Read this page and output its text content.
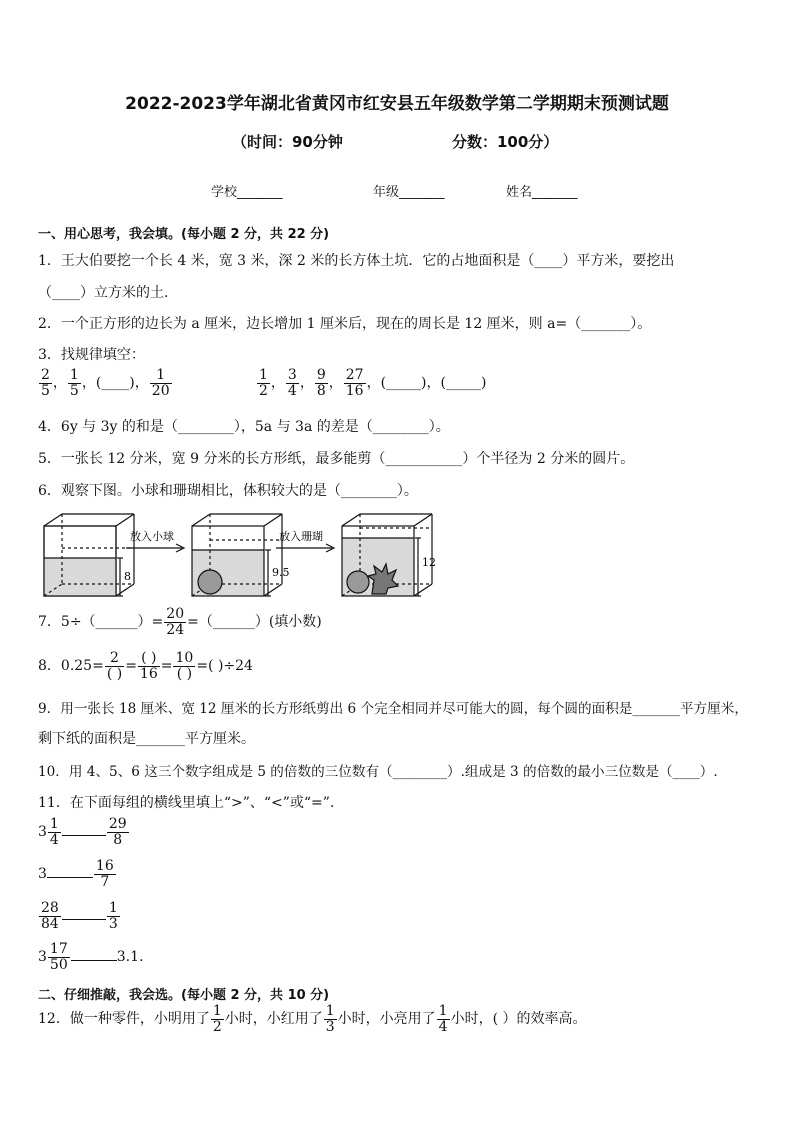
2022-2023学年湖北省黄冈市红安县五年级数学第二学期期末预测试题
（时间：90分钟	分数：100分）
学校_______	年级_______	姓名_______
一、用心思考，我会填。(每小题 2 分，共 22 分)
1．王大伯要挖一个长 4 米，宽 3 米，深 2 米的长方体土坑．它的占地面积是（____）平方米，要挖出
（____）立方米的土．
2．一个正方形的边长为 a 厘米，边长增加 1 厘米后，现在的周长是 12 厘米，则 a=（_______）。
3．找规律填空：
$\frac{2}{5}$ ， $\frac{1}{5}$ ，(____)， $\frac{1}{20}$	$\frac{1}{2}$ ， $\frac{3}{4}$ ， $\frac{9}{8}$ ， $\frac{27}{16}$ ，(_____)，(_____)
4．6y 与 3y 的和是（________），5a 与 3a 的差是（________）。
5．一张长 12 分米，宽 9 分米的长方形纸，最多能剪（___________）个半径为 2 分米的圆片。
6．观察下图。小球和珊瑚相比，体积较大的是（________）。
放入小球	放入珊瑚
8	9.5
12
7．5÷（______）= $\frac{20}{24}$ =（______）(填小数)
8．$0.25= \frac{2}{( )} = \frac{( )}{16} = \frac{10}{( )}$ =( )÷24
9．用一张长 18 厘米、宽 12 厘米的长方形纸剪出 6 个完全相同并尽可能大的圆，每个圆的面积是_______平方厘米，
剩下纸的面积是_______平方厘米。
10．用 4、5、6 这三个数字组成是 5 的倍数的三位数有（________）.组成是 3 的倍数的最小三位数是（____）.
11．在下面每组的横线里填上“>”、“<”或“=”．
$3 \frac{1}{4}$	$\frac{29}{8}$
3	$\frac{16}{7}$
$\frac{28}{84}$	$\frac{1}{3}$
$3 \frac{17}{50}$	3.1.
二、仔细推敲，我会选。(每小题 2 分，共 10 分)
12．做一种零件，小明用了 $\frac{1}{2}$ 小时，小红用了 $\frac{1}{3}$ 小时，小亮用了 $\frac{1}{4}$ 小时，( ）的效率高。
